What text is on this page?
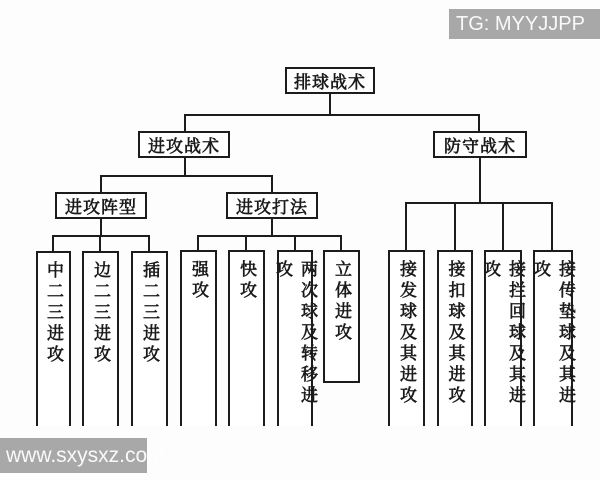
排球战术
进攻战术	防守战术
进攻阵型	进攻打法
中二三进攻	边二三进攻	插二三进攻	强攻	快攻	两次球及转移进攻	立体进攻	接发球及其进攻	接扣球及其进攻	接拦回球及其进攻	接传垫球及其进攻
TG: MYYJJPP
www.sxysxz.com
